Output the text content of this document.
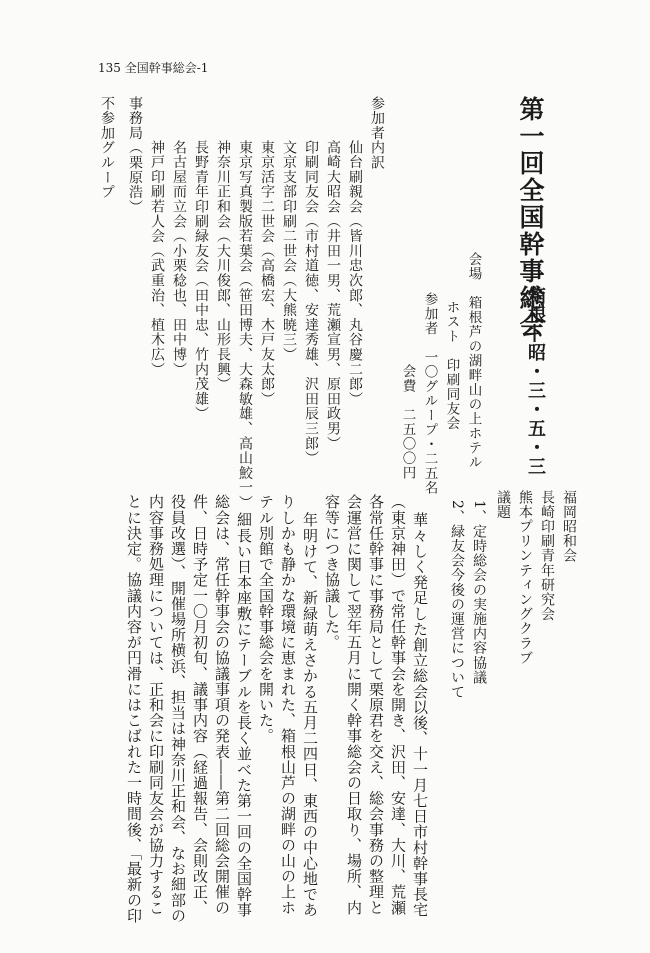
135 全国幹事総会-1
第一回全国幹事総会
箱根―昭・三・五・三
会場　箱根芦の湖畔山の上ホテル
ホスト　印刷同友会
参加者　一〇グループ・二五名
会費　二五〇〇円
参加者内訳
仙台刷親会（皆川忠次郎、丸谷慶二郎）
高崎大昭会（井田一男、荒瀬宣男、原田政男）
印刷同友会（市村道徳、安達秀雄、沢田辰三郎）
文京支部印刷二世会（大熊暁三）
東京活字二世会（高橋宏、木戸友太郎）
東京写真製版若葉会（笹田博夫、大森敏雄、高山鮫一）
神奈川正和会（大川俊郎、山形長興）
長野青年印刷緑友会（田中忠、竹内茂雄）
名古屋而立会（小栗稔也、田中博）
神戸印刷若人会（武重治、植木広）
事務局（栗原浩）
不参加グループ
福岡昭和会
長崎印刷青年研究会
熊本プリンティングクラブ
議題
1、定時総会の実施内容協議
2、緑友会今後の運営について
華々しく発足した創立総会以後、十一月七日市村幹事長宅
（東京神田）で常任幹事会を開き、沢田、安達、大川、荒瀬
各常任幹事に事務局として栗原君を交え、総会事務の整理と
会運営に関して翌年五月に開く幹事総会の日取り、場所、内
容等につき協議した。
年明けて、新緑萌えさかる五月二四日、東西の中心地であ
りしかも静かな環境に恵まれた、箱根山芦の湖畔の山の上ホ
テル別館で全国幹事総会を開いた。
細長い日本座敷にテーブルを長く並べた第一回の全国幹事
総会は、常任幹事会の協議事項の発表――第二回総会開催の
件、日時予定一〇月初旬、議事内容（経過報告、会則改正、
役員改選）、開催場所横浜、担当は神奈川正和会、なお細部の
内容事務処理については、正和会に印刷同友会が協力するこ
とに決定。協議内容が円滑にはこばれた一時間後、「最新の印
